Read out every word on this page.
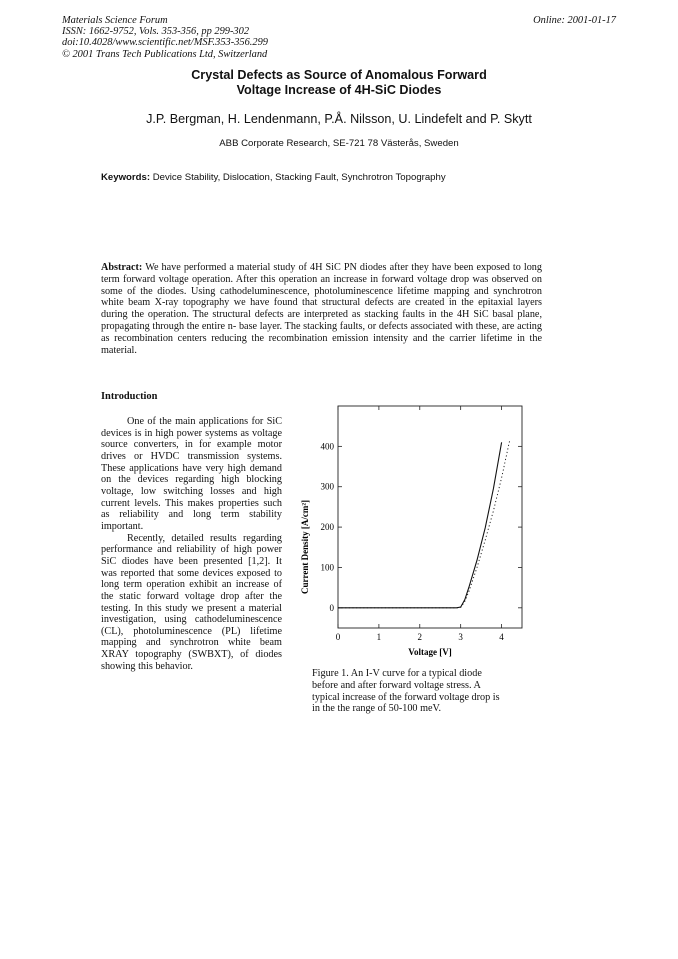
Materials Science Forum
ISSN: 1662-9752, Vols. 353-356, pp 299-302
doi:10.4028/www.scientific.net/MSF.353-356.299
© 2001 Trans Tech Publications Ltd, Switzerland
Online: 2001-01-17
Crystal Defects as Source of Anomalous Forward
Voltage Increase of 4H-SiC Diodes
J.P. Bergman, H. Lendenmann, P.Å. Nilsson, U. Lindefelt and P. Skytt
ABB Corporate Research, SE-721 78 Västerås, Sweden
Keywords: Device Stability, Dislocation, Stacking Fault, Synchrotron Topography
Abstract: We have performed a material study of 4H SiC PN diodes after they have been exposed to long term forward voltage operation. After this operation an increase in forward voltage drop was observed on some of the diodes. Using cathodeluminescence, photoluminescence lifetime mapping and synchrotron white beam X-ray topography we have found that structural defects are created in the epitaxial layers during the operation. The structural defects are interpreted as stacking faults in the 4H SiC basal plane, propagating through the entire n- base layer. The stacking faults, or defects associated with these, are acting as recombination centers reducing the recombination emission intensity and the carrier lifetime in the material.
Introduction

One of the main applications for SiC devices is in high power systems as voltage source converters, in for example motor drives or HVDC transmission systems. These applications have very high demand on the devices regarding high blocking voltage, low switching losses and high current levels. This makes properties such as reliability and long term stability important.

Recently, detailed results regarding performance and reliability of high power SiC diodes have been presented [1,2]. It was reported that some devices exposed to long term operation exhibit an increase of the static forward voltage drop after the testing. In this study we present a material investigation, using cathodeluminescence (CL), photoluminescence (PL) lifetime mapping and synchrotron white beam XRAY topography (SWBXT), of diodes showing this behavior.

0
100
200
300
400
0	1	2	3	4
Voltage [V]
Current Density [A/cm²]
Figure 1. An I-V curve for a typical diode before and after forward voltage stress. A typical increase of the forward voltage drop is in the the range of 50-100 meV.
